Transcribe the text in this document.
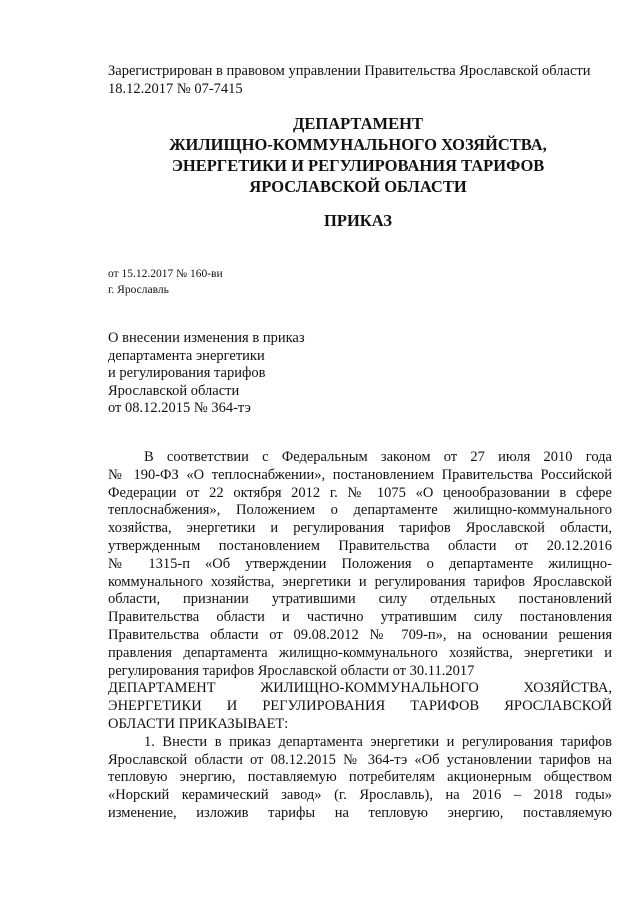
Зарегистрирован в правовом управлении Правительства Ярославской области
18.12.2017 № 07-7415
ДЕПАРТАМЕНТ
ЖИЛИЩНО-КОММУНАЛЬНОГО ХОЗЯЙСТВА,
ЭНЕРГЕТИКИ И РЕГУЛИРОВАНИЯ ТАРИФОВ
ЯРОСЛАВСКОЙ ОБЛАСТИ
ПРИКАЗ
от 15.12.2017 № 160-ви
г. Ярославль
О внесении изменения в приказ
департамента энергетики
и регулирования тарифов
Ярославской области
от 08.12.2015 № 364-тэ
В соответствии с Федеральным законом от 27 июля 2010 года
№ 190-ФЗ «О теплоснабжении», постановлением Правительства Российской
Федерации от 22 октября 2012 г. № 1075 «О ценообразовании в сфере
теплоснабжения», Положением о департаменте жилищно-коммунального
хозяйства, энергетики и регулирования тарифов Ярославской области,
утвержденным постановлением Правительства области от 20.12.2016
№ 1315-п «Об утверждении Положения о департаменте жилищно-
коммунального хозяйства, энергетики и регулирования тарифов Ярославской
области, признании утратившими силу отдельных постановлений
Правительства области и частично утратившим силу постановления
Правительства области от 09.08.2012 № 709-п», на основании решения
правления департамента жилищно-коммунального хозяйства, энергетики и
регулирования тарифов Ярославской области от 30.11.2017
ДЕПАРТАМЕНТ ЖИЛИЩНО-КОММУНАЛЬНОГО ХОЗЯЙСТВА,
ЭНЕРГЕТИКИ И РЕГУЛИРОВАНИЯ ТАРИФОВ ЯРОСЛАВСКОЙ
ОБЛАСТИ ПРИКАЗЫВАЕТ:
1. Внести в приказ департамента энергетики и регулирования тарифов
Ярославской области от 08.12.2015 № 364-тэ «Об установлении тарифов на
тепловую энергию, поставляемую потребителям акционерным обществом
«Норский керамический завод» (г. Ярославль), на 2016 – 2018 годы»
изменение, изложив тарифы на тепловую энергию, поставляемую
